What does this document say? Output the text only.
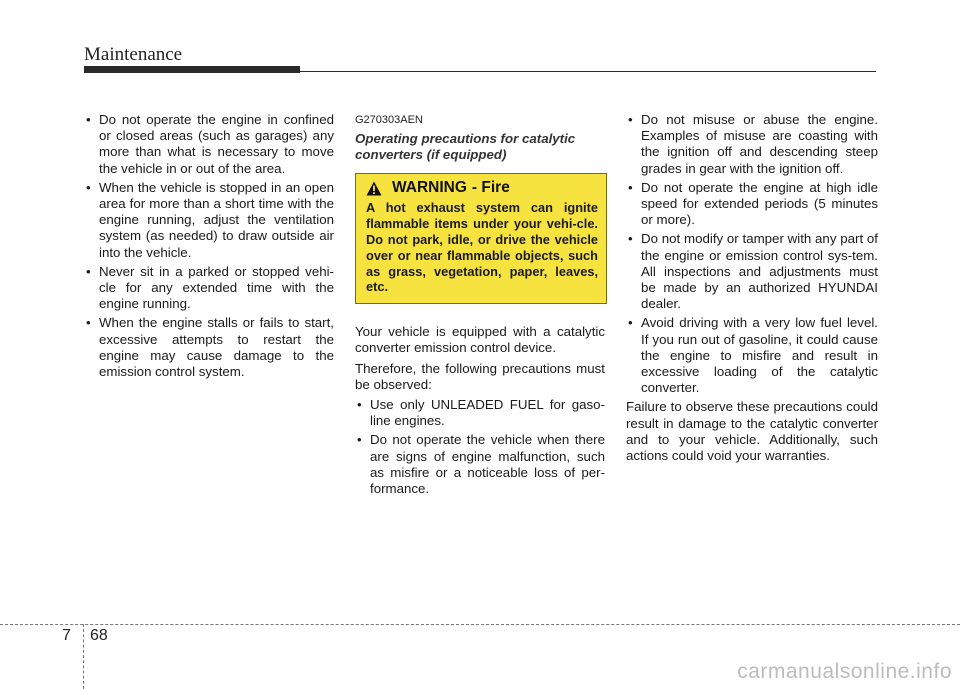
Maintenance
• Do not operate the engine in confined or closed areas (such as garages) any more than what is necessary to move the vehicle in or out of the area.
• When the vehicle is stopped in an open area for more than a short time with the engine running, adjust the ventilation system (as needed) to draw outside air into the vehicle.
• Never sit in a parked or stopped vehi-cle for any extended time with the engine running.
• When the engine stalls or fails to start, excessive attempts to restart the engine may cause damage to the emission control system.
G270303AEN
Operating precautions for catalytic converters (if equipped)
WARNING - Fire
A hot exhaust system can ignite flammable items under your vehi-cle. Do not park, idle, or drive the vehicle over or near flammable objects, such as grass, vegetation, paper, leaves, etc.

Your vehicle is equipped with a catalytic converter emission control device.

Therefore, the following precautions must be observed:

• Use only UNLEADED FUEL for gaso-line engines.
• Do not operate the vehicle when there are signs of engine malfunction, such as misfire or a noticeable loss of per-formance.
• Do not misuse or abuse the engine. Examples of misuse are coasting with the ignition off and descending steep grades in gear with the ignition off.
• Do not operate the engine at high idle speed for extended periods (5 minutes or more).
• Do not modify or tamper with any part of the engine or emission control sys-tem. All inspections and adjustments must be made by an authorized HYUNDAI dealer.
• Avoid driving with a very low fuel level. If you run out of gasoline, it could cause the engine to misfire and result in excessive loading of the catalytic converter.

Failure to observe these precautions could result in damage to the catalytic converter and to your vehicle. Additionally, such actions could void your warranties.

7 68
carmanualsonline.info
